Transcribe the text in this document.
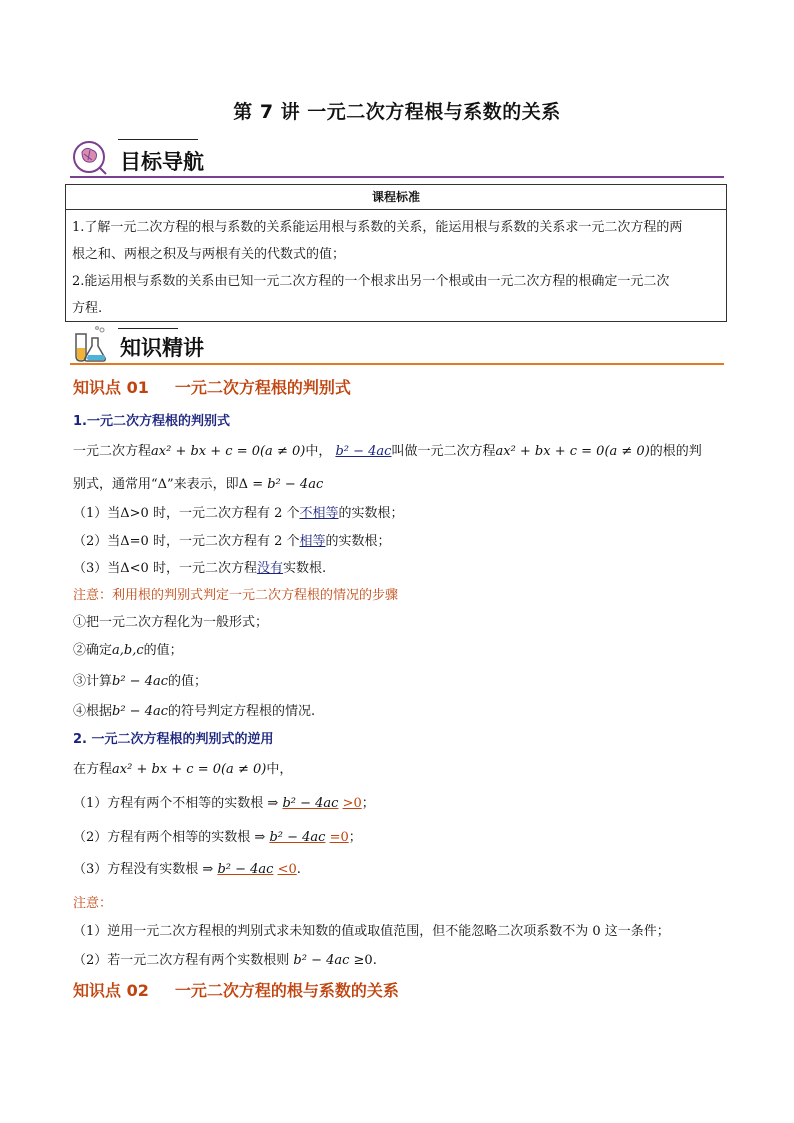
第 7 讲 一元二次方程根与系数的关系
目标导航
课程标准
1.了解一元二次方程的根与系数的关系能运用根与系数的关系，能运用根与系数的关系求一元二次方程的两
根之和、两根之积及与两根有关的代数式的值；
2.能运用根与系数的关系由已知一元二次方程的一个根求出另一个根或由一元二次方程的根确定一元二次
方程.
知识精讲
知识点 01 一元二次方程根的判别式
1.一元二次方程根的判别式
一元二次方程ax² + bx + c = 0(a ≠ 0)中， b² − 4ac叫做一元二次方程ax² + bx + c = 0(a ≠ 0)的根的判
别式，通常用“Δ”来表示，即Δ = b² − 4ac
（1）当Δ>0 时，一元二次方程有 2 个不相等的实数根；
（2）当Δ=0 时，一元二次方程有 2 个相等的实数根；
（3）当Δ<0 时，一元二次方程没有实数根.
注意：利用根的判别式判定一元二次方程根的情况的步骤
①把一元二次方程化为一般形式；
②确定a,b,c的值；
③计算b² − 4ac的值；
④根据b² − 4ac的符号判定方程根的情况.
2. 一元二次方程根的判别式的逆用
在方程ax² + bx + c = 0(a ≠ 0)中，
（1）方程有两个不相等的实数根 ⇒ b² − 4ac >0；
（2）方程有两个相等的实数根 ⇒ b² − 4ac =0；
（3）方程没有实数根 ⇒ b² − 4ac <0.
注意：
（1）逆用一元二次方程根的判别式求未知数的值或取值范围，但不能忽略二次项系数不为 0 这一条件；
（2）若一元二次方程有两个实数根则 b² − 4ac ≥0.
知识点 02 一元二次方程的根与系数的关系
